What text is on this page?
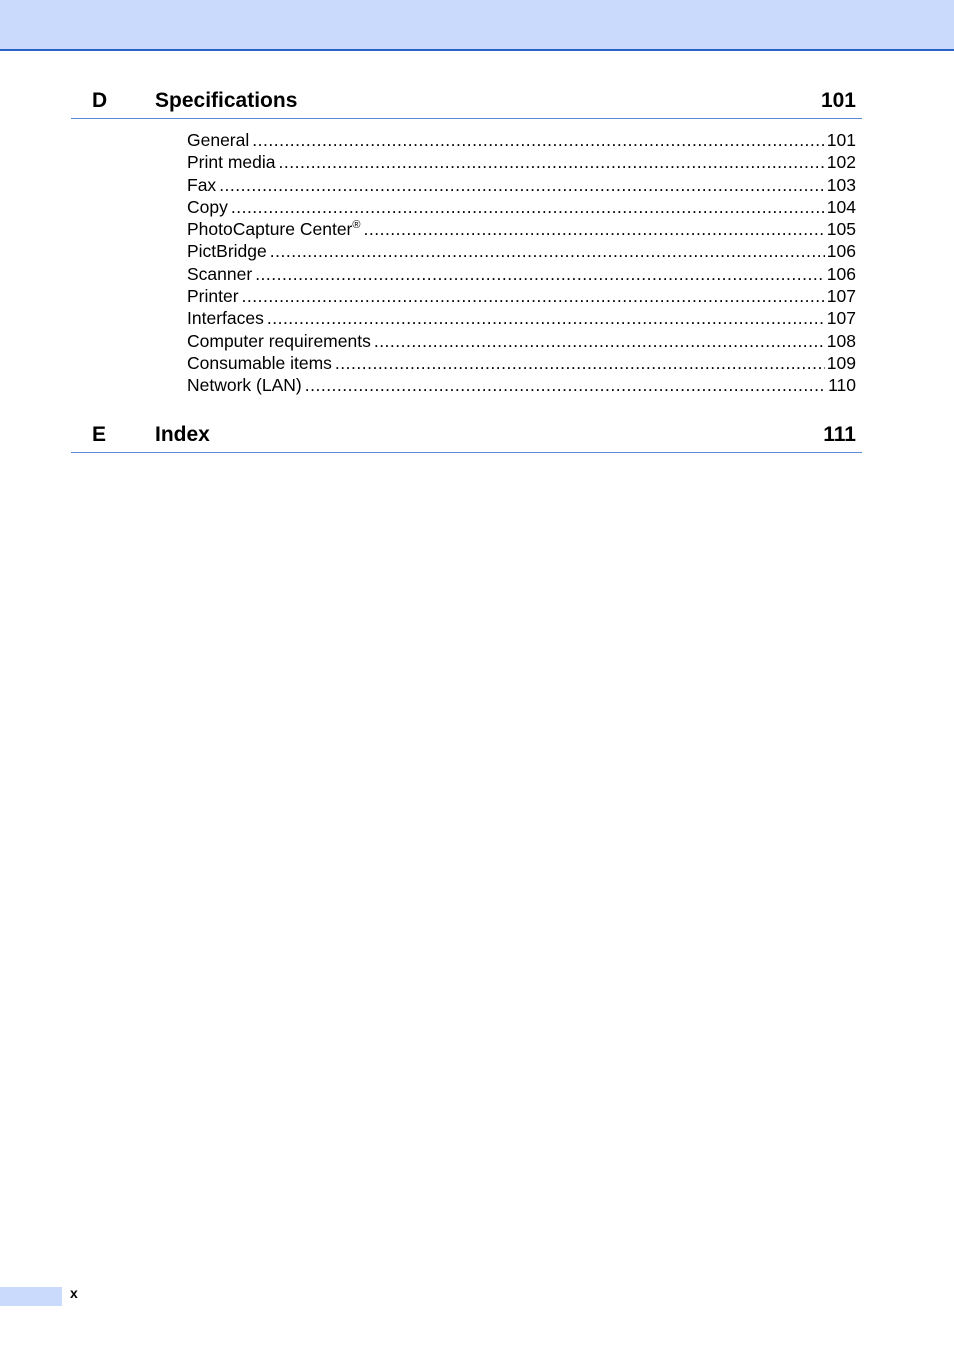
D Specifications	101
General .....	101
Print media .....	102
Fax .....	103
Copy .....	104
PhotoCapture Center® .....	105
PictBridge .....	106
Scanner .....	106
Printer .....	107
Interfaces .....	107
Computer requirements .....	108
Consumable items .....	109
Network (LAN) .....	110
E Index	111
x
